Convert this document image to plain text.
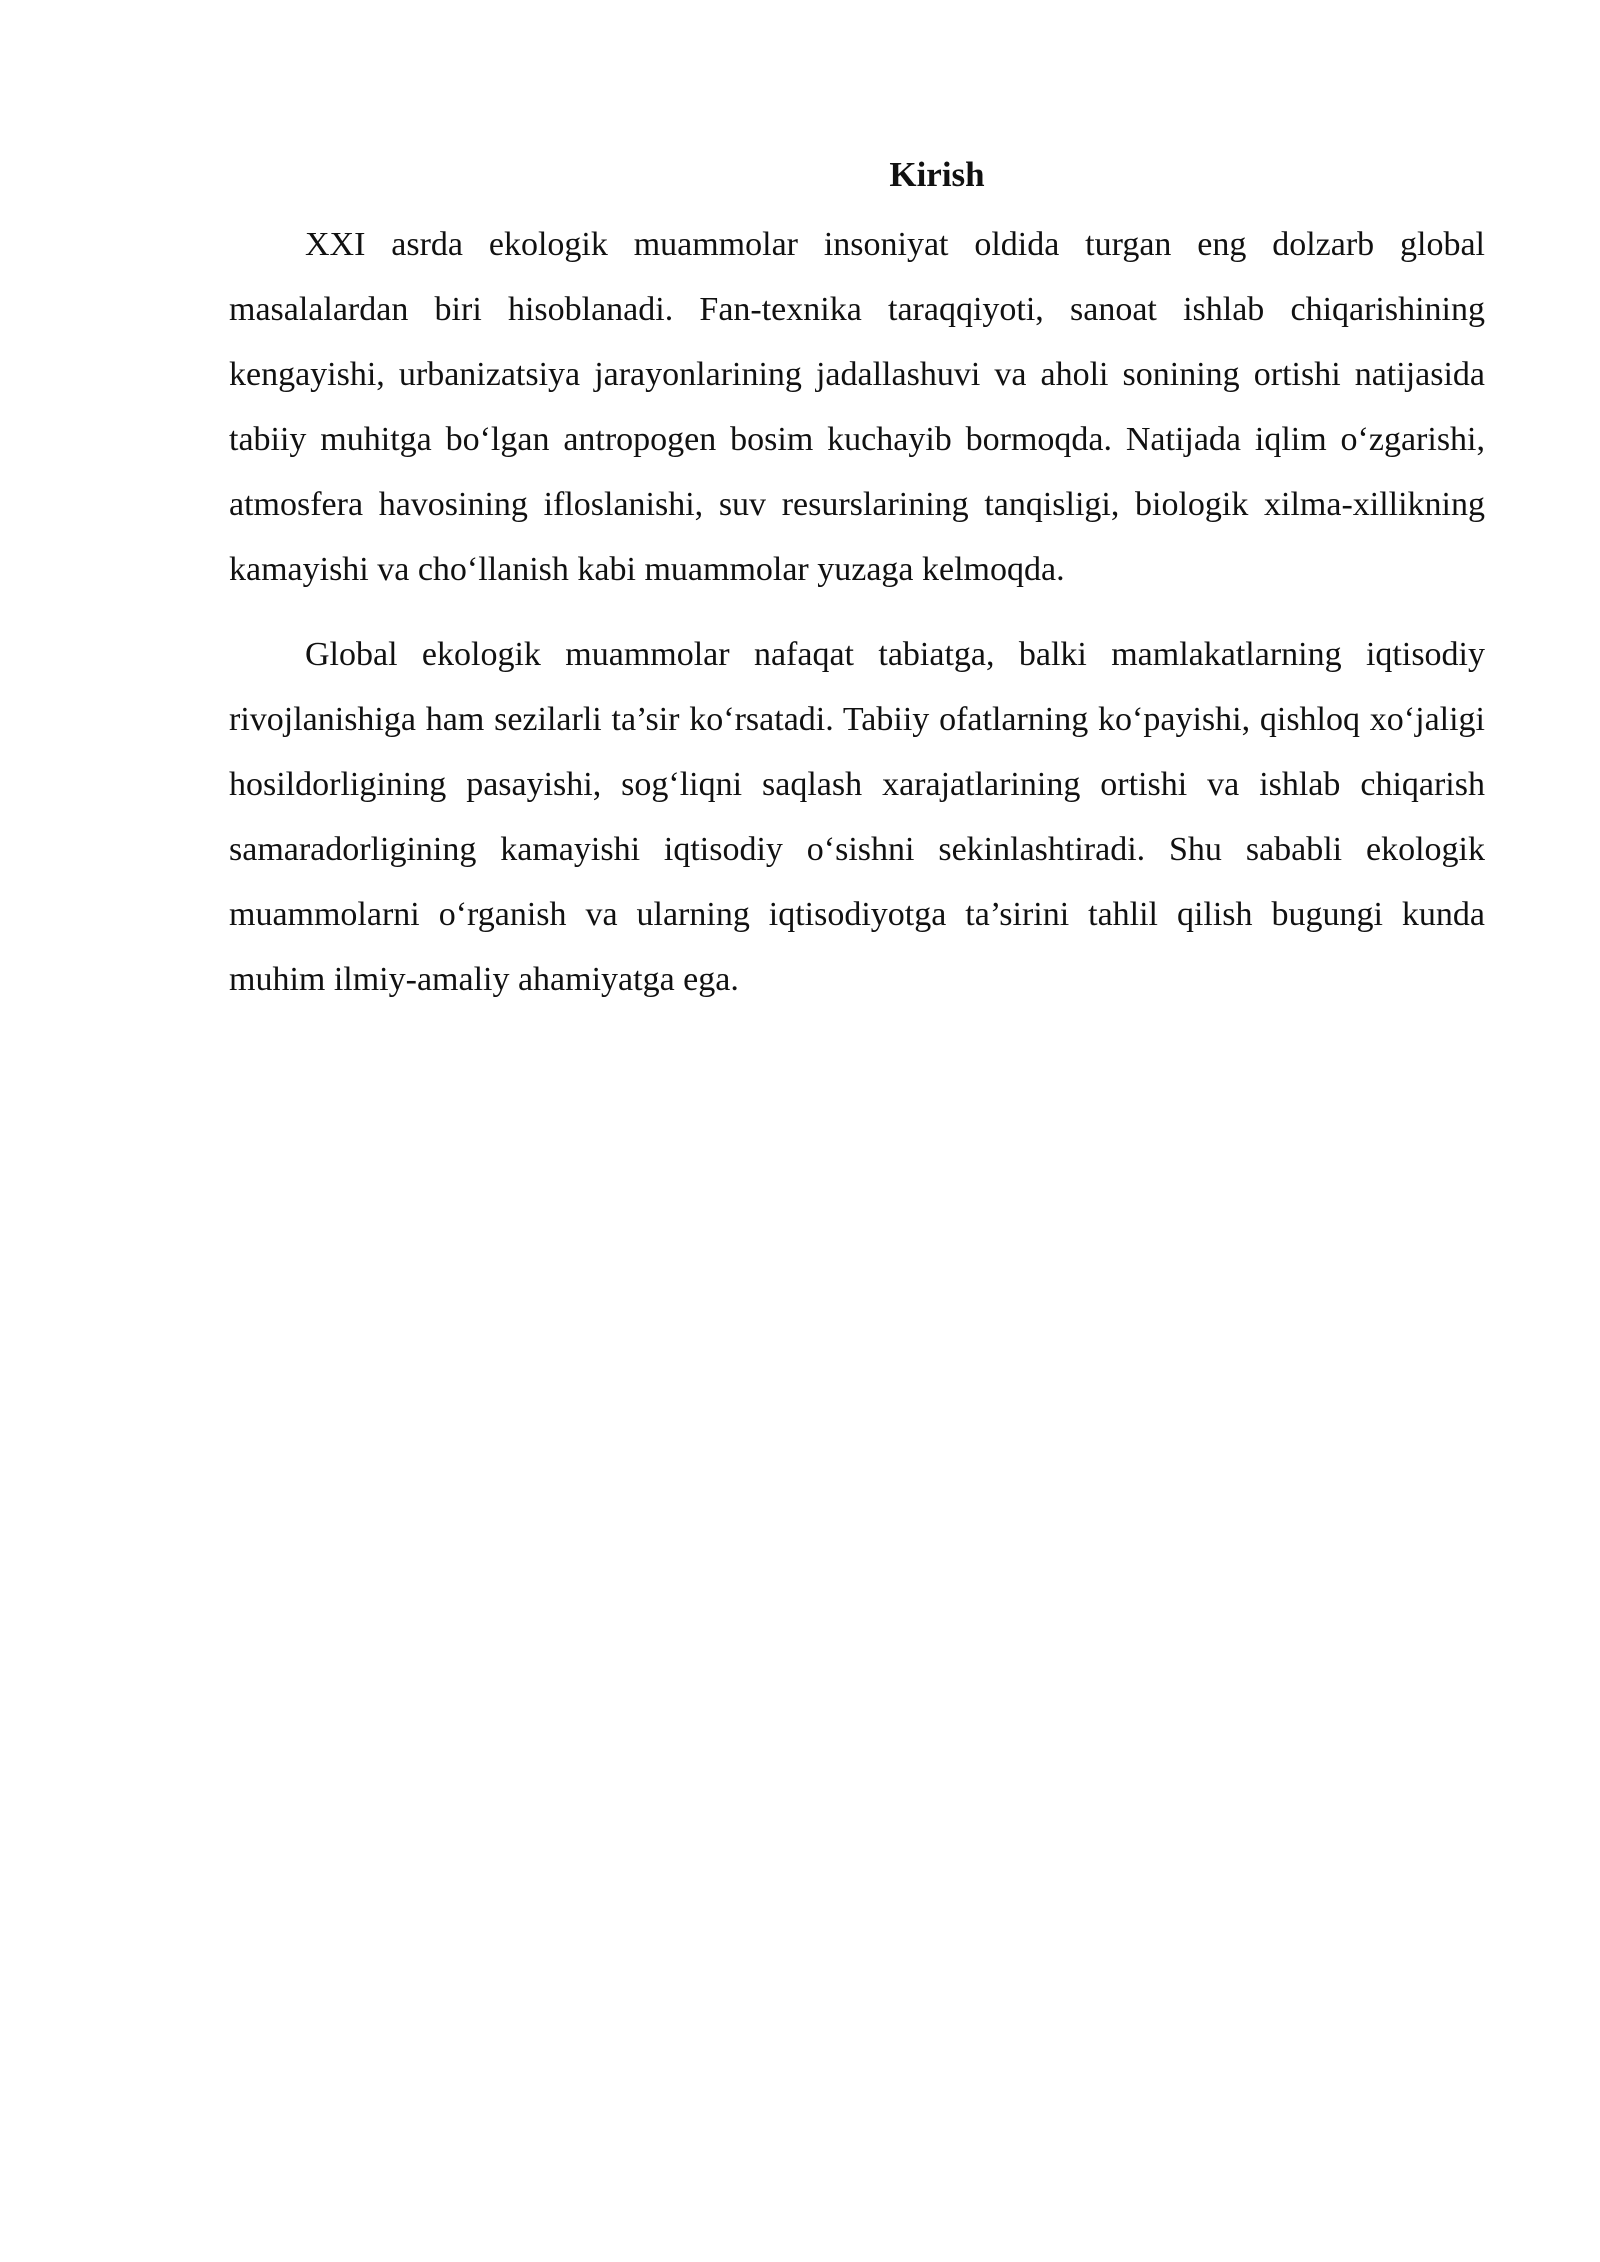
Kirish

XXI asrda ekologik muammolar insoniyat oldida turgan eng dolzarb global masalalardan biri hisoblanadi. Fan-texnika taraqqiyoti, sanoat ishlab chiqarishining kengayishi, urbanizatsiya jarayonlarining jadallashuvi va aholi sonining ortishi natijasida tabiiy muhitga bo‘lgan antropogen bosim kuchayib bormoqda. Natijada iqlim o‘zgarishi, atmosfera havosining ifloslanishi, suv resurslarining tanqisligi, biologik xilma-xillikning kamayishi va cho‘llanish kabi muammolar yuzaga kelmoqda.

Global ekologik muammolar nafaqat tabiatga, balki mamlakatlarning iqtisodiy rivojlanishiga ham sezilarli ta’sir ko‘rsatadi. Tabiiy ofatlarning ko‘payishi, qishloq xo‘jaligi hosildorligining pasayishi, sog‘liqni saqlash xarajatlarining ortishi va ishlab chiqarish samaradorligining kamayishi iqtisodiy o‘sishni sekinlashtiradi. Shu sababli ekologik muammolarni o‘rganish va ularning iqtisodiyotga ta’sirini tahlil qilish bugungi kunda muhim ilmiy-amaliy ahamiyatga ega.
